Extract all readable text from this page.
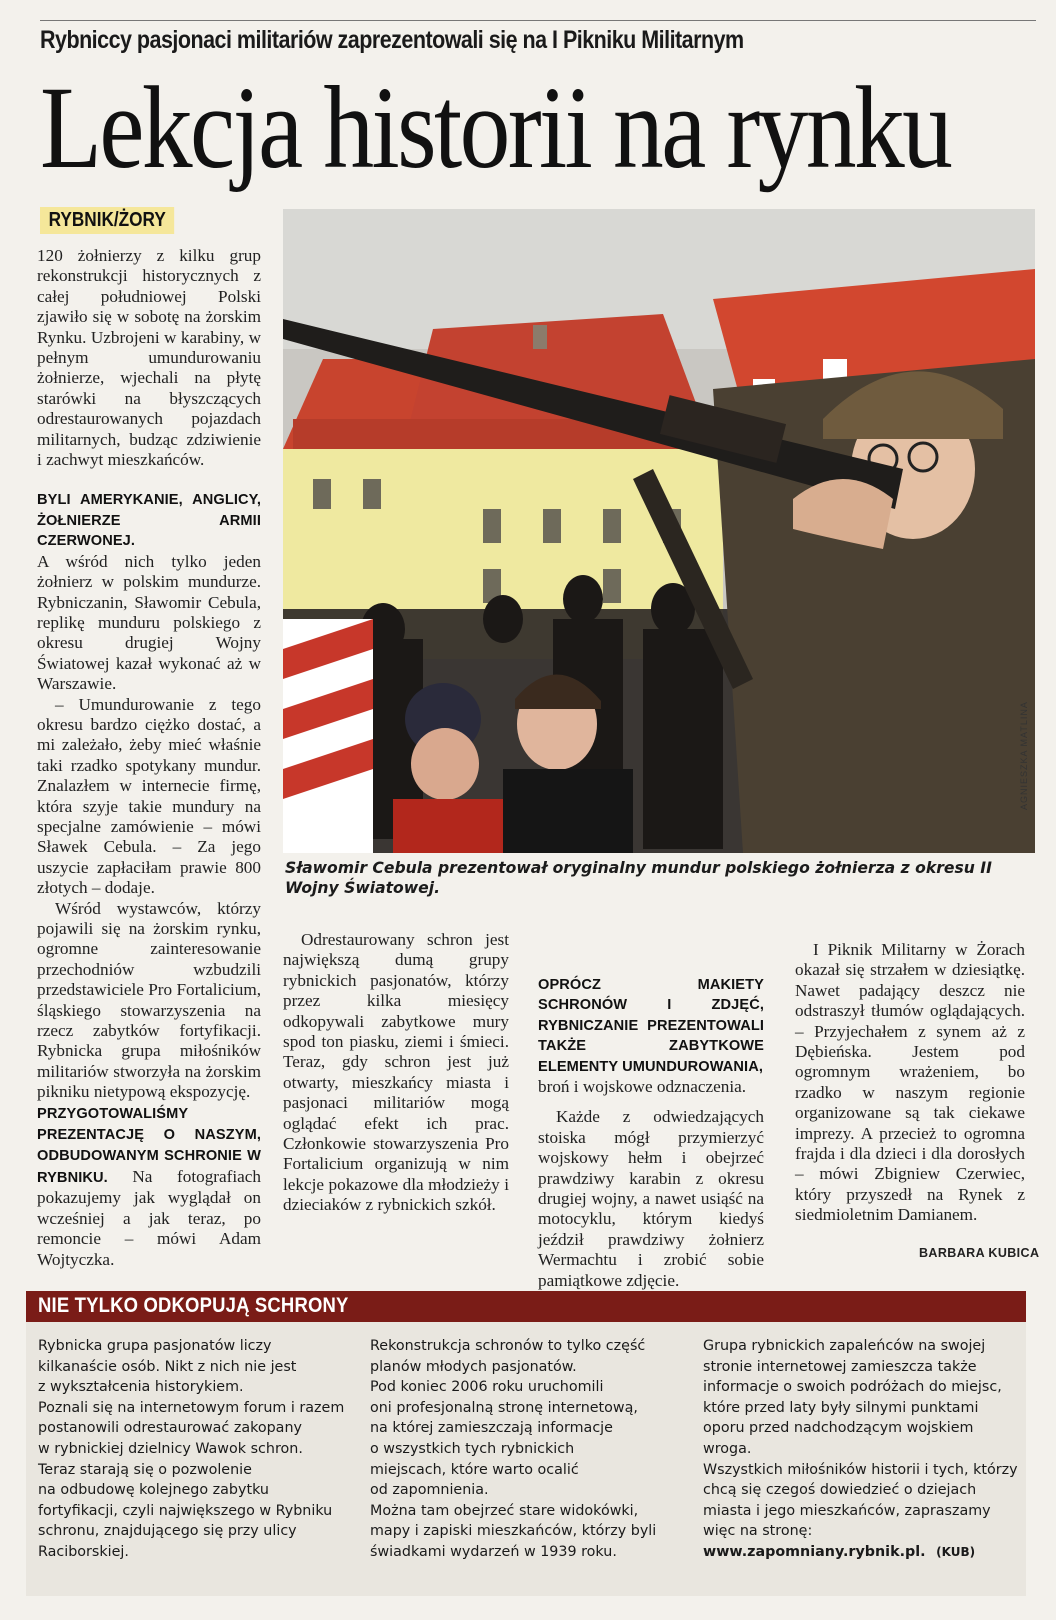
Rybniccy pasjonaci militariów zaprezentowali się na I Pikniku Militarnym
Lekcja historii na rynku
RYBNIK/ŻORY

120 żołnierzy z kilku grup rekonstrukcji historycznych z całej południowej Polski zjawiło się w sobotę na żorskim Rynku. Uzbrojeni w karabiny, w pełnym umundurowaniu żołnierze, wjechali na płytę starówki na błyszczących odrestaurowanych pojazdach militarnych, budząc zdziwienie i zachwyt mieszkańców.

BYLI AMERYKANIE, ANGLICY, ŻOŁNIERZE ARMII CZERWONEJ.

A wśród nich tylko jeden żołnierz w polskim mundurze. Rybniczanin, Sławomir Cebula, replikę munduru polskiego z okresu drugiej Wojny Światowej kazał wykonać aż w Warszawie.

– Umundurowanie z tego okresu bardzo ciężko dostać, a mi zależało, żeby mieć właśnie taki rzadko spotykany mundur. Znalazłem w internecie firmę, która szyje takie mundury na specjalne zamówienie – mówi Sławek Cebula. – Za jego uszycie zapłaciłam prawie 800 złotych – dodaje.

Wśród wystawców, którzy pojawili się na żorskim rynku, ogromne zainteresowanie przechodniów wzbudzili przedstawiciele Pro Fortalicium, śląskiego stowarzyszenia na rzecz zabytków fortyfikacji. Rybnicka grupa miłośników militariów stworzyła na żorskim pikniku nietypową ekspozycję.

PRZYGOTOWALIŚMY PREZENTACJĘ O NASZYM, ODBUDOWANYM SCHRONIE W RYBNIKU. Na fotografiach pokazujemy jak wyglądał on wcześniej a jak teraz, po remoncie – mówi Adam Wojtyczka.

Odrestaurowany schron jest największą dumą grupy rybnickich pasjonatów, którzy przez kilka miesięcy odkopywali zabytkowe mury spod ton piasku, ziemi i śmieci. Teraz, gdy schron jest już otwarty, mieszkańcy miasta i pasjonaci militariów mogą oglądać efekt ich prac. Członkowie stowarzyszenia Pro Fortalicium organizują w nim lekcje pokazowe dla młodzieży i dzieciaków z rybnickich szkół.

OPRÓCZ MAKIETY SCHRONÓW I ZDJĘĆ, RYBNICZANIE PREZENTOWALI TAKŻE ZABYTKOWE ELEMENTY UMUNDUROWANIA,

broń i wojskowe odznaczenia.

Każde z odwiedzających stoiska mógł przymierzyć wojskowy hełm i obejrzeć prawdziwy karabin z okresu drugiej wojny, a nawet usiąść na motocyklu, którym kiedyś jeździł prawdziwy żołnierz Wermachtu i zrobić sobie pamiątkowe zdjęcie.

I Piknik Militarny w Żorach okazał się strzałem w dziesiątkę. Nawet padający deszcz nie odstraszył tłumów oglądających. – Przyjechałem z synem aż z Dębieńska. Jestem pod ogromnym wrażeniem, bo rzadko w naszym regionie organizowane są tak ciekawe imprezy. A przecież to ogromna frajda i dla dzieci i dla dorosłych – mówi Zbigniew Czerwiec, który przyszedł na Rynek z siedmioletnim Damianem.

BARBARA KUBICA
AGNIESZKA MATLINA
Sławomir Cebula prezentował oryginalny mundur polskiego żołnierza z okresu II Wojny Światowej.
NIE TYLKO ODKOPUJĄ SCHRONY
Rybnicka grupa pasjonatów liczy
kilkanaście osób. Nikt z nich nie jest
z wykształcenia historykiem.
Poznali się na internetowym forum i razem
postanowili odrestaurować zakopany
w rybnickiej dzielnicy Wawok schron.
Teraz starają się o pozwolenie
na odbudowę kolejnego zabytku
fortyfikacji, czyli największego w Rybniku
schronu, znajdującego się przy ulicy
Raciborskiej.
Rekonstrukcja schronów to tylko część
planów młodych pasjonatów.
Pod koniec 2006 roku uruchomili
oni profesjonalną stronę internetową,
na której zamieszczają informacje
o wszystkich tych rybnickich
miejscach, które warto ocalić
od zapomnienia.
Można tam obejrzeć stare widokówki,
mapy i zapiski mieszkańców, którzy byli
świadkami wydarzeń w 1939 roku.
Grupa rybnickich zapaleńców na swojej
stronie internetowej zamieszcza także
informacje o swoich podróżach do miejsc,
które przed laty były silnymi punktami
oporu przed nadchodzącym wojskiem
wroga.
Wszystkich miłośników historii i tych, którzy
chcą się czegoś dowiedzieć o dziejach
miasta i jego mieszkańców, zapraszamy
więc na stronę:
www.zapomniany.rybnik.pl. (KUB)
